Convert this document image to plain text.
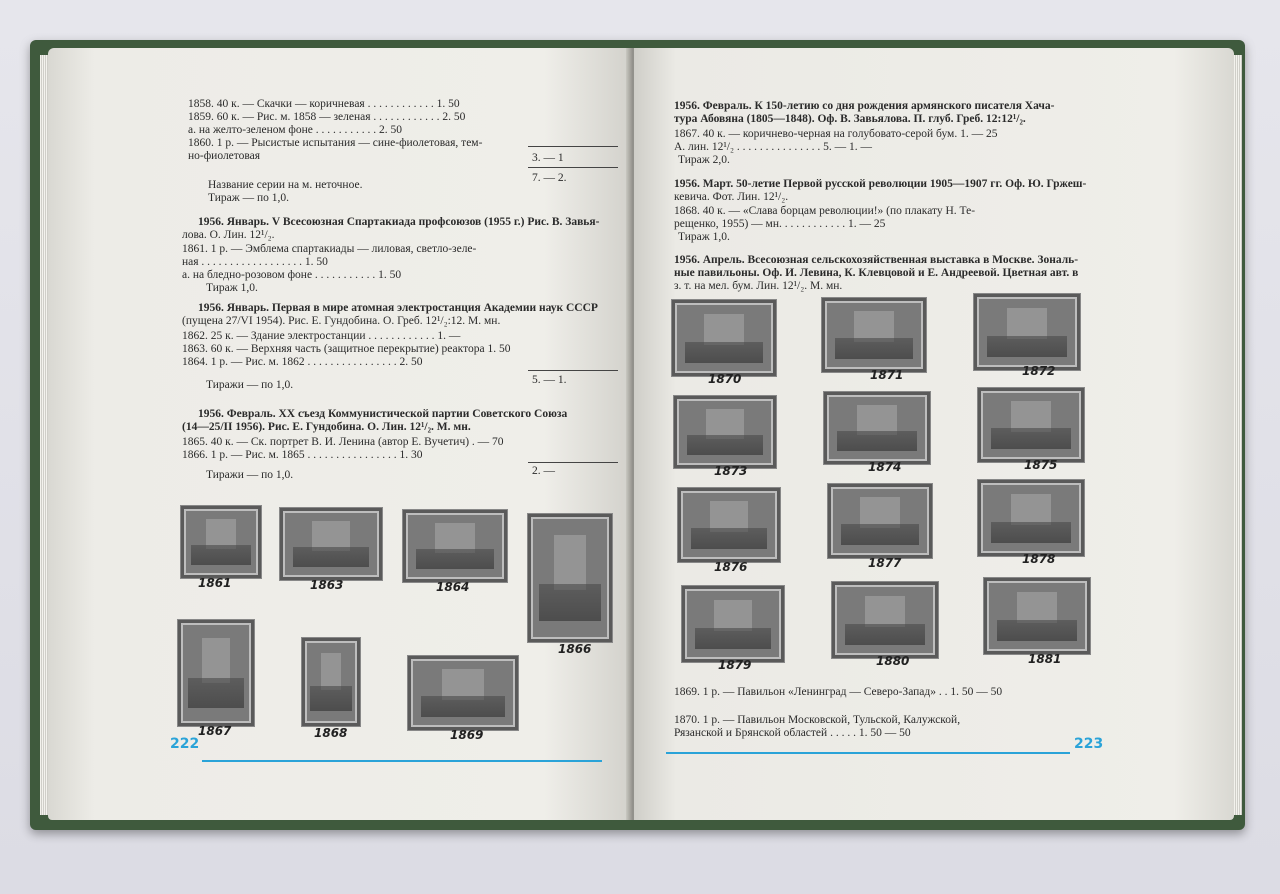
1858. 40 к. — Скачки — коричневая . . . . . . . . . . . . 1. 50
1859. 60 к. — Рис. м. 1858 — зеленая . . . . . . . . . . . . 2. 50
а. на желто-зеленом фоне . . . . . . . . . . . 2. 50
1860. 1 р. — Рысистые испытания — сине-фиолетовая, тем-
но-фиолетовая	3. — 1
7. — 2.
Название серии на м. неточное.
Тираж — по 1,0.
1956. Январь. V Всесоюзная Спартакиада профсоюзов (1955 г.) Рис. В. Завья-
лова. О. Лин. 12¹/₂.
1861. 1 р. — Эмблема спартакиады — лиловая, светло-зеле-
ная . . . . . . . . . . . . . . . . . . 1. 50
а. на бледно-розовом фоне . . . . . . . . . . . 1. 50
Тираж 1,0.
1956. Январь. Первая в мире атомная электростанция Академии наук СССР
(пущена 27/VI 1954). Рис. Е. Гундобина. О. Греб. 12¹/₂:12. М. мн.
1862. 25 к. — Здание электростанции . . . . . . . . . . . . 1. —
1863. 60 к. — Верхняя часть (защитное перекрытие) реактора 1. 50
1864. 1 р. — Рис. м. 1862 . . . . . . . . . . . . . . . . 2. 50
5. — 1.
Тиражи — по 1,0.
1956. Февраль. XX съезд Коммунистической партии Советского Союза
(14—25/II 1956). Рис. Е. Гундобина. О. Лин. 12¹/₂. М. мн.
1865. 40 к. — Ск. портрет В. И. Ленина (автор Е. Вучетич) . — 70
1866. 1 р. — Рис. м. 1865 . . . . . . . . . . . . . . . . 1. 30
2. —
Тиражи — по 1,0.
1861	1863	1864
1866
1867	1868	1869
222
1956. Февраль. К 150-летию со дня рождения армянского писателя Хача-
тура Абовяна (1805—1848). Оф. В. Завьялова. П. глуб. Греб. 12:12¹/₂.
1867. 40 к. — коричнево-черная на голубовато-серой бум. 1. — 25
А. лин. 12¹/₂ . . . . . . . . . . . . . . . 5. — 1. —
Тираж 2,0.
1956. Март. 50-летие Первой русской революции 1905—1907 гг. Оф. Ю. Гржеш-
кевича. Фот. Лин. 12¹/₂.
1868. 40 к. — «Слава борцам революции!» (по плакату Н. Те-
рещенко, 1955) — мн. . . . . . . . . . . . 1. — 25
Тираж 1,0.
1956. Апрель. Всесоюзная сельскохозяйственная выставка в Москве. Зональ-
ные павильоны. Оф. И. Левина, К. Клевцовой и Е. Андреевой. Цветная авт. в
з. т. на мел. бум. Лин. 12¹/₂. М. мн.
1870	1871	1872
1873	1874	1875
1876	1877	1878
1879	1880	1881
1869. 1 р. — Павильон «Ленинград — Северо-Запад» . . 1. 50 — 50
1870. 1 р. — Павильон Московской, Тульской, Калужской,
Рязанской и Брянской областей . . . . . 1. 50 — 50
223
